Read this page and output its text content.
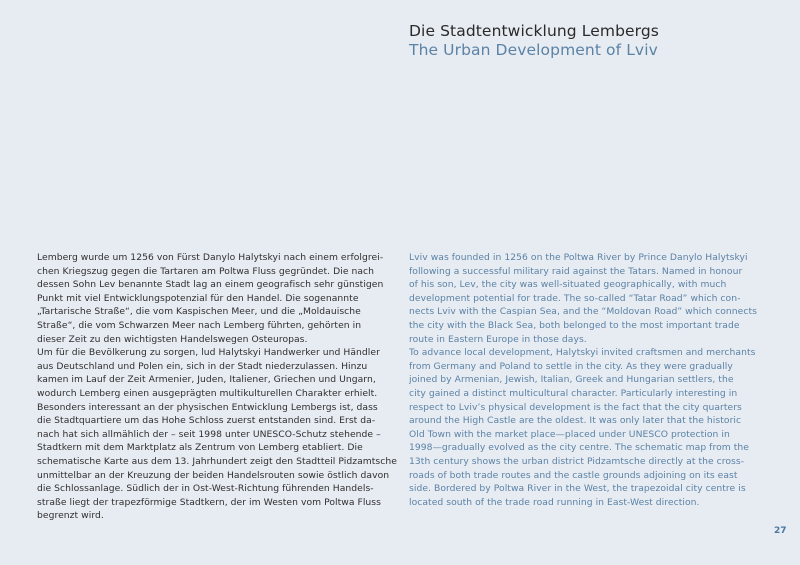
Die Stadtentwicklung Lembergs
The Urban Development of Lviv
Lemberg wurde um 1256 von Fürst Danylo Halytskyi nach einem erfolgrei-
chen Kriegszug gegen die Tartaren am Poltwa Fluss gegründet. Die nach
dessen Sohn Lev benannte Stadt lag an einem geografisch sehr günstigen
Punkt mit viel Entwicklungspotenzial für den Handel. Die sogenannte
„Tartarische Straße“, die vom Kaspischen Meer, und die „Moldauische
Straße“, die vom Schwarzen Meer nach Lemberg führten, gehörten in
dieser Zeit zu den wichtigsten Handelswegen Osteuropas.
Um für die Bevölkerung zu sorgen, lud Halytskyi Handwerker und Händler
aus Deutschland und Polen ein, sich in der Stadt niederzulassen. Hinzu
kamen im Lauf der Zeit Armenier, Juden, Italiener, Griechen und Ungarn,
wodurch Lemberg einen ausgeprägten multikulturellen Charakter erhielt.
Besonders interessant an der physischen Entwicklung Lembergs ist, dass
die Stadtquartiere um das Hohe Schloss zuerst entstanden sind. Erst da-
nach hat sich allmählich der – seit 1998 unter UNESCO-Schutz stehende –
Stadtkern mit dem Marktplatz als Zentrum von Lemberg etabliert. Die
schematische Karte aus dem 13. Jahrhundert zeigt den Stadtteil Pidzamtsche
unmittelbar an der Kreuzung der beiden Handelsrouten sowie östlich davon
die Schlossanlage. Südlich der in Ost-West-Richtung führenden Handels-
straße liegt der trapezförmige Stadtkern, der im Westen vom Poltwa Fluss
begrenzt wird.
Lviv was founded in 1256 on the Poltwa River by Prince Danylo Halytskyi
following a successful military raid against the Tatars. Named in honour
of his son, Lev, the city was well-situated geographically, with much
development potential for trade. The so-called “Tatar Road” which con-
nects Lviv with the Caspian Sea, and the “Moldovan Road” which connects
the city with the Black Sea, both belonged to the most important trade
route in Eastern Europe in those days.
To advance local development, Halytskyi invited craftsmen and merchants
from Germany and Poland to settle in the city. As they were gradually
joined by Armenian, Jewish, Italian, Greek and Hungarian settlers, the
city gained a distinct multicultural character. Particularly interesting in
respect to Lviv’s physical development is the fact that the city quarters
around the High Castle are the oldest. It was only later that the historic
Old Town with the market place—placed under UNESCO protection in
1998—gradually evolved as the city centre. The schematic map from the
13th century shows the urban district Pidzamtsche directly at the cross-
roads of both trade routes and the castle grounds adjoining on its east
side. Bordered by Poltwa River in the West, the trapezoidal city centre is
located south of the trade road running in East-West direction.
27
